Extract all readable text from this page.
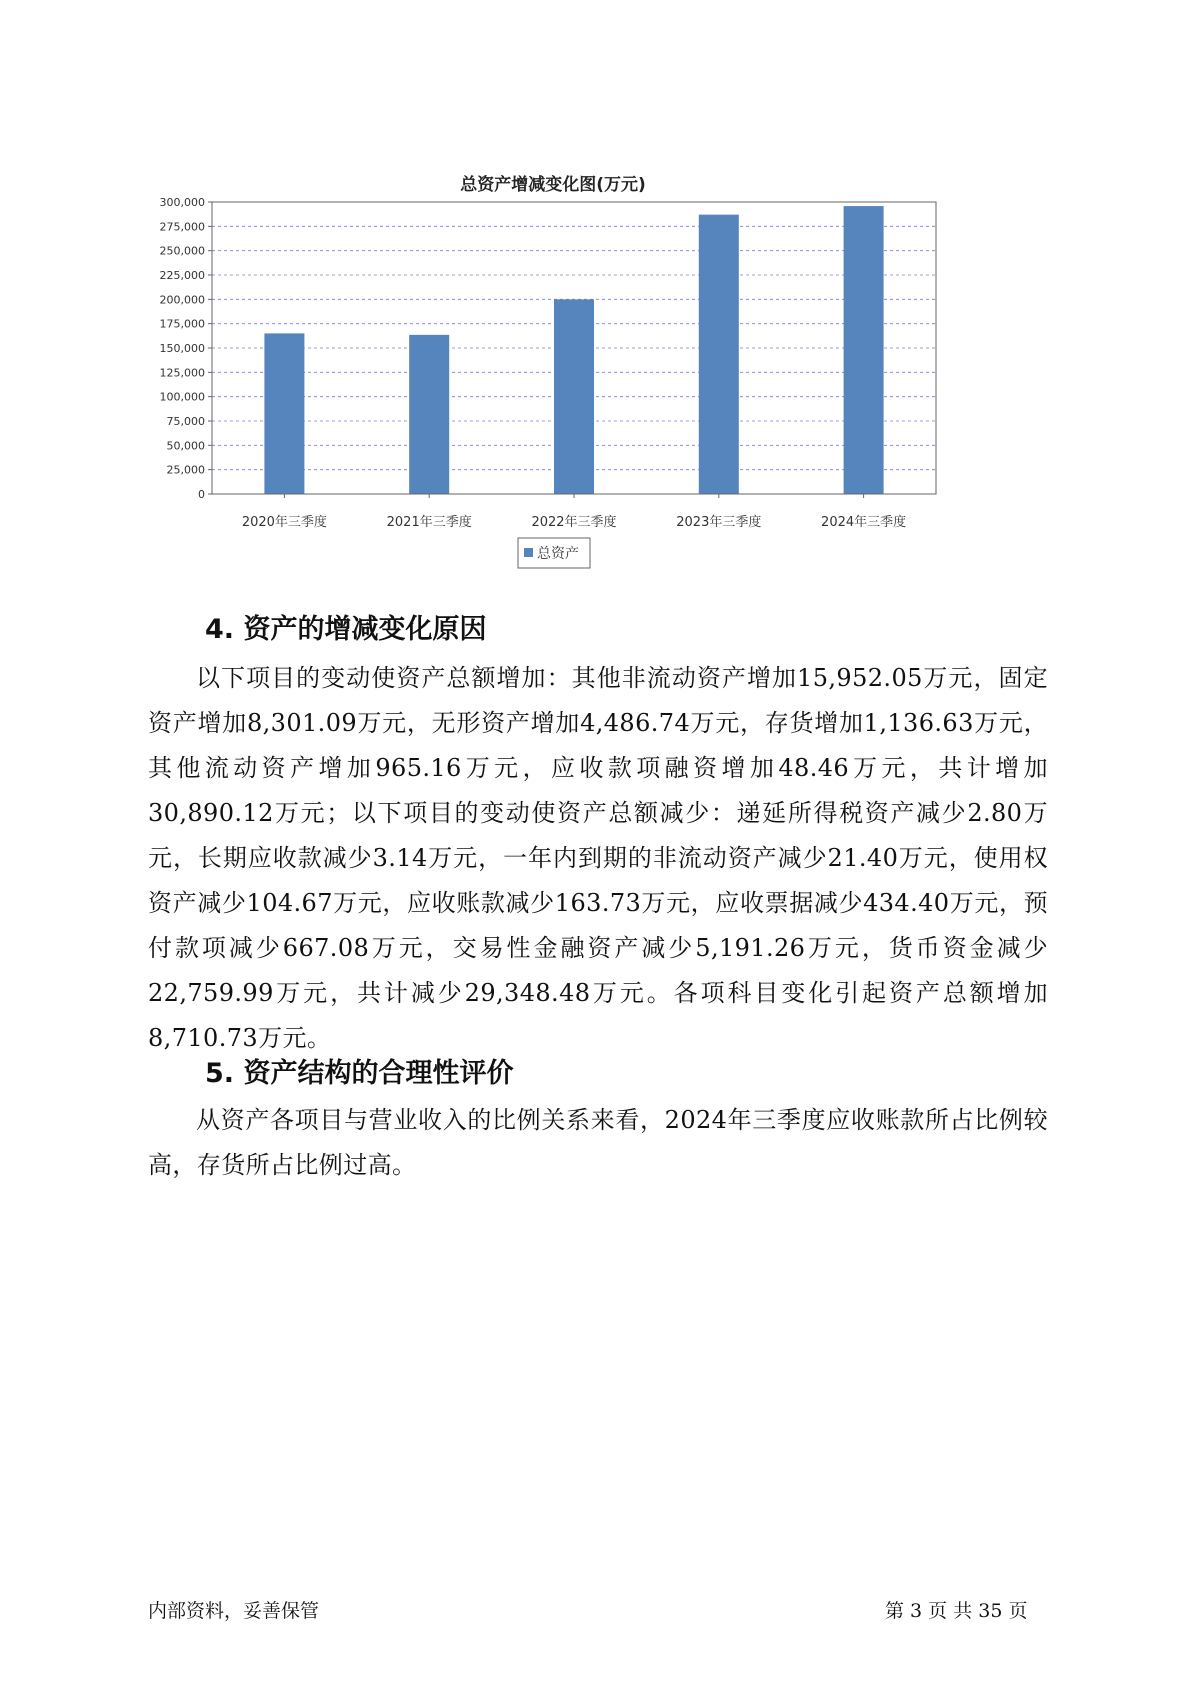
总资产增减变化图(万元)
0
25,000
50,000
75,000
100,000
125,000
150,000
175,000
200,000
225,000
250,000
275,000
300,000
2020年三季度	2021年三季度	2022年三季度	2023年三季度	2024年三季度
总资产
4. 资产的增减变化原因

以下项目的变动使资产总额增加：其他非流动资产增加15,952.05万元，固定资产增加8,301.09万元，无形资产增加4,486.74万元，存货增加1,136.63万元，其他流动资产增加965.16万元，应收款项融资增加48.46万元，共计增加30,890.12万元；以下项目的变动使资产总额减少：递延所得税资产减少2.80万元，长期应收款减少3.14万元，一年内到期的非流动资产减少21.40万元，使用权资产减少104.67万元，应收账款减少163.73万元，应收票据减少434.40万元，预付款项减少667.08万元，交易性金融资产减少5,191.26万元，货币资金减少22,759.99万元，共计减少29,348.48万元。各项科目变化引起资产总额增加8,710.73万元。

5. 资产结构的合理性评价

从资产各项目与营业收入的比例关系来看，2024年三季度应收账款所占比例较高，存货所占比例过高。

内部资料，妥善保管	第 3 页 共 35 页
